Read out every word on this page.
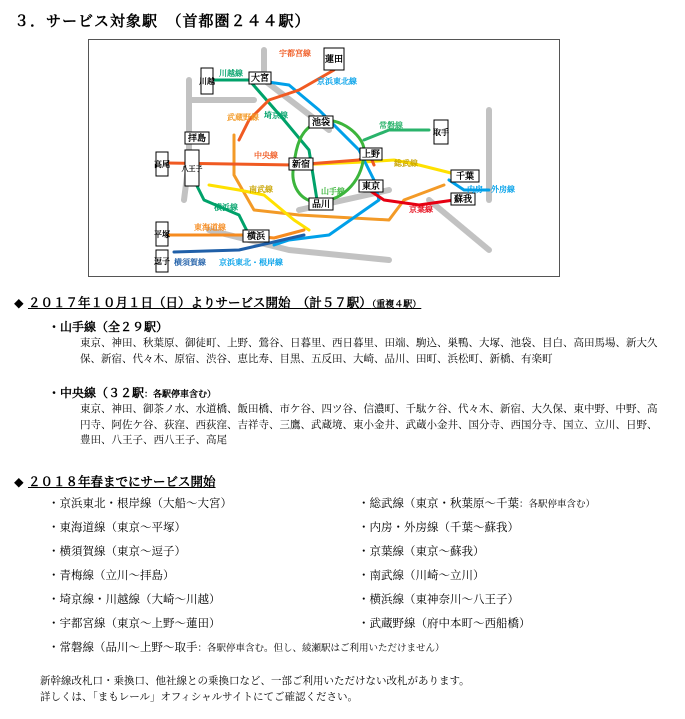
３．サービス対象駅　（首都圏２４４駅）
蓮田
川越	大宮
池袋
取手
拝島
高尾 八王子
上野
新宿
東京
千葉
蘇我
品川
平塚	横浜
逗子
宇都宮線
川越線
京浜東北線
埼京線
武蔵野線
常磐線
中央線
総武線
南武線	山手線
横浜線
内房・外房線
京葉線
東海道線
横須賀線 京浜東北・根岸線
◆ ２０１７年１０月１日（日）よりサービス開始　 （計５７駅）（重複４駅）
・山手線（全２９駅）
東京、神田、秋葉原、御徒町、上野、鶯谷、日暮里、西日暮里、田端、駒込、巣鴨、大塚、池袋、目白、高田馬場、新大久保、新宿、代々木、原宿、渋谷、恵比寿、目黒、五反田、大崎、品川、田町、浜松町、新橋、有楽町
・中央線（３２駅：各駅停車含む）
東京、神田、御茶ノ水、水道橋、飯田橋、市ケ谷、四ツ谷、信濃町、千駄ケ谷、代々木、新宿、大久保、東中野、中野、高円寺、阿佐ケ谷、荻窪、西荻窪、吉祥寺、三鷹、武蔵境、東小金井、武蔵小金井、国分寺、西国分寺、国立、立川、日野、豊田、八王子、西八王子、高尾
◆ ２０１８年春までにサービス開始
・京浜東北・根岸線（大船～大宮）
・東海道線（東京～平塚）
・横須賀線（東京～逗子）
・青梅線（立川～拝島）
・埼京線・川越線（大崎～川越）
・宇都宮線（東京～上野～蓮田）
・総武線（東京・秋葉原～千葉：各駅停車含む）
・内房・外房線（千葉～蘇我）
・京葉線（東京～蘇我）
・南武線（川崎～立川）
・横浜線（東神奈川～八王子）
・武蔵野線（府中本町～西船橋）
・常磐線（品川～上野～取手：各駅停車含む。但し、綾瀬駅はご利用いただけません）
新幹線改札口・乗換口、他社線との乗換口など、一部ご利用いただけない改札があります。
詳しくは、「まもレール」オフィシャルサイトにてご確認ください。
